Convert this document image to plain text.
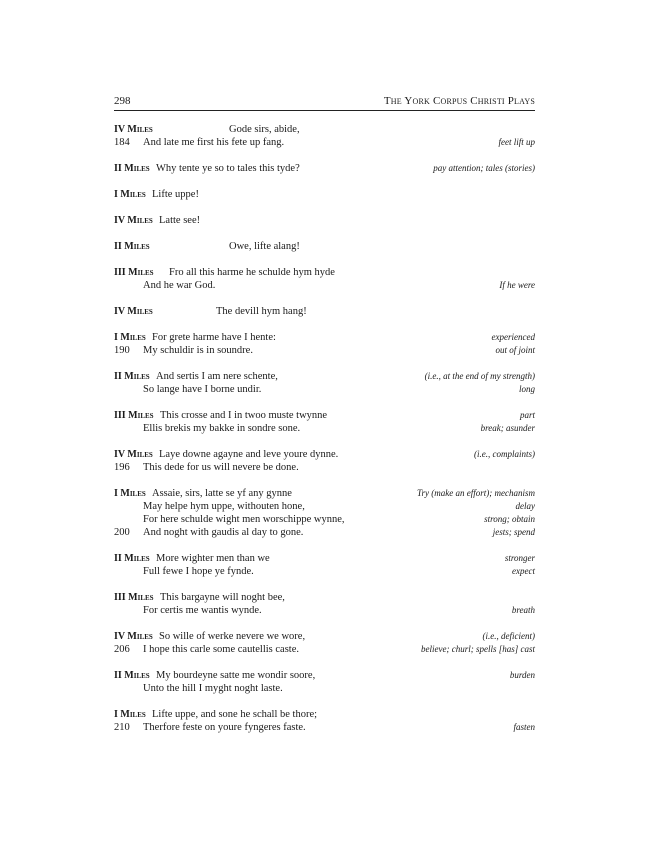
298	The York Corpus Christi Plays
IV Miles	Gode sirs, abide,
184 And late me first his fete up fang.	feet lift up
II Miles Why tente ye so to tales this tyde?	pay attention; tales (stories)
I Miles Lifte uppe!
IV Miles Latte see!
II Miles	Owe, lifte alang!
III Miles Fro all this harme he schulde hym hyde
And he war God.	If he were
IV Miles	The devill hym hang!
I Miles For grete harme have I hente:	experienced
190 My schuldir is in soundre.	out of joint
II Miles And sertis I am nere schente,	(i.e., at the end of my strength)
So lange have I borne undir.	long
III Miles This crosse and I in twoo muste twynne	part
Ellis brekis my bakke in sondre sone.	break; asunder
IV Miles Laye downe agayne and leve youre dynne.	(i.e., complaints)
196 This dede for us will nevere be done.
I Miles Assaie, sirs, latte se yf any gynne	Try (make an effort); mechanism
May helpe hym uppe, withouten hone,	delay
For here schulde wight men worschippe wynne,	strong; obtain
200 And noght with gaudis al day to gone.	jests; spend
II Miles More wighter men than we	stronger
Full fewe I hope ye fynde.	expect
III Miles This bargayne will noght bee,
For certis me wantis wynde.	breath
IV Miles So wille of werke nevere we wore,	(i.e., deficient)
206 I hope this carle some cautellis caste.	believe; churl; spells [has] cast
II Miles My bourdeyne satte me wondir soore,	burden
Unto the hill I myght noght laste.
I Miles Lifte uppe, and sone he schall be thore;
210 Therfore feste on youre fyngeres faste.	fasten
